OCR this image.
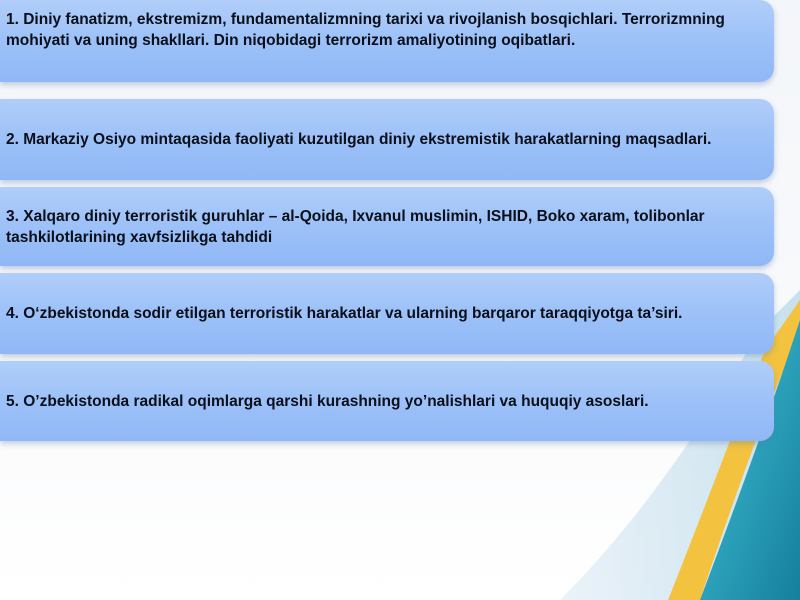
1. Diniy fanatizm, ekstremizm, fundamentalizmning tarixi va rivojlanish bosqichlari. Terrorizmning mohiyati va uning shakllari. Din niqobidagi terrorizm amaliyotining oqibatlari.
2. Markaziy Osiyo mintaqasida faoliyati kuzutilgan diniy ekstremistik harakatlarning maqsadlari.
3. Xalqaro diniy terroristik guruhlar – al-Qoida, Ixvanul muslimin, ISHID, Boko xaram, tolibonlar tashkilotlarining xavfsizlikga tahdidi
4. O‘zbekistonda sodir etilgan terroristik harakatlar va ularning barqaror taraqqiyotga ta’siri.
5. O’zbekistonda radikal oqimlarga qarshi kurashning yo’nalishlari va huquqiy asoslari.
